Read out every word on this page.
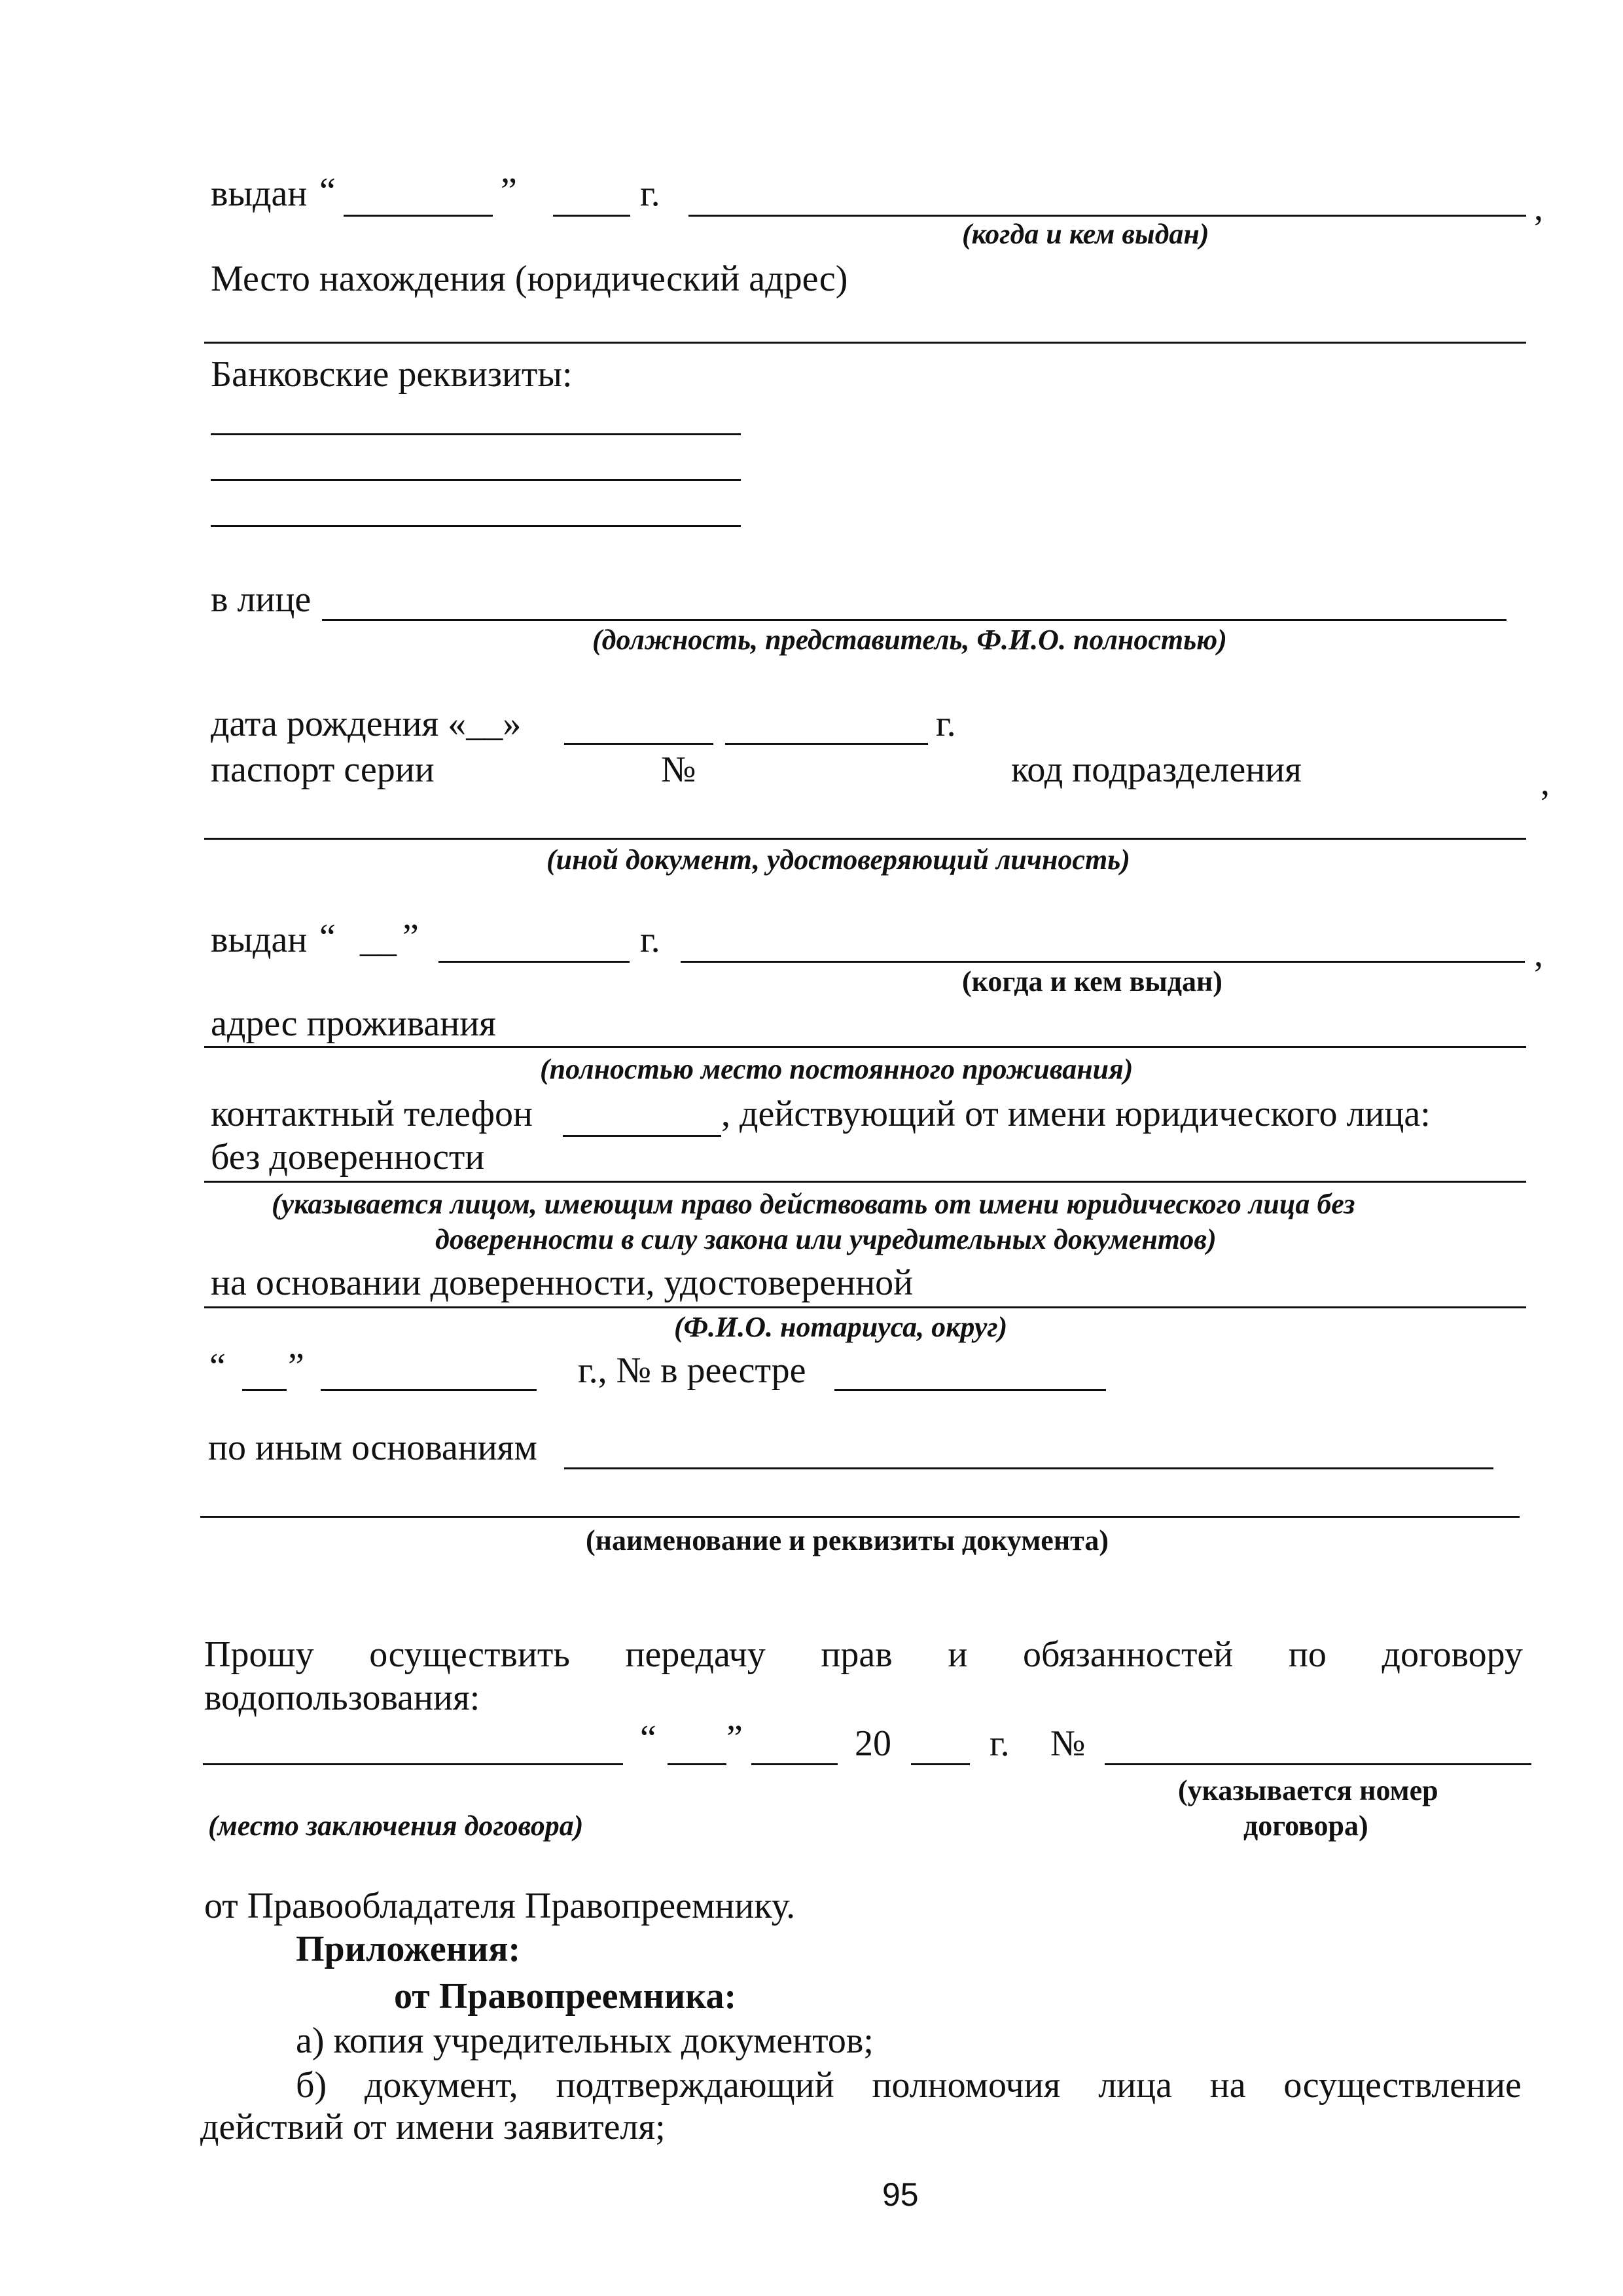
выдан “	”	г.	,
(когда и кем выдан)
Место нахождения (юридический адрес)
Банковские реквизиты:
в лице
(должность, представитель, Ф.И.О. полностью)
дата рождения «__»	г.
паспорт серии	№	код подразделения	,
(иной документ, удостоверяющий личность)
выдан “ __ ”	г.	,
(когда и кем выдан)
адрес проживания
(полностью место постоянного проживания)
контактный телефон	, действующий от имени юридического лица:
без доверенности
(указывается лицом, имеющим право действовать от имени юридического лица без
доверенности в силу закона или учредительных документов)
на основании доверенности, удостоверенной
(Ф.И.О. нотариуса, округ)
“ ”	г., № в реестре
по иным основаниям
(наименование и реквизиты документа)
Прошу осуществить передачу прав и обязанностей по договору
водопользования:
“ ”	20	г. №
(указывается номер
договора)
(место заключения договора)
от Правообладателя Правопреемнику.
Приложения:
от Правопреемника:
а) копия учредительных документов;
б) документ, подтверждающий полномочия лица на осуществление
действий от имени заявителя;
95
